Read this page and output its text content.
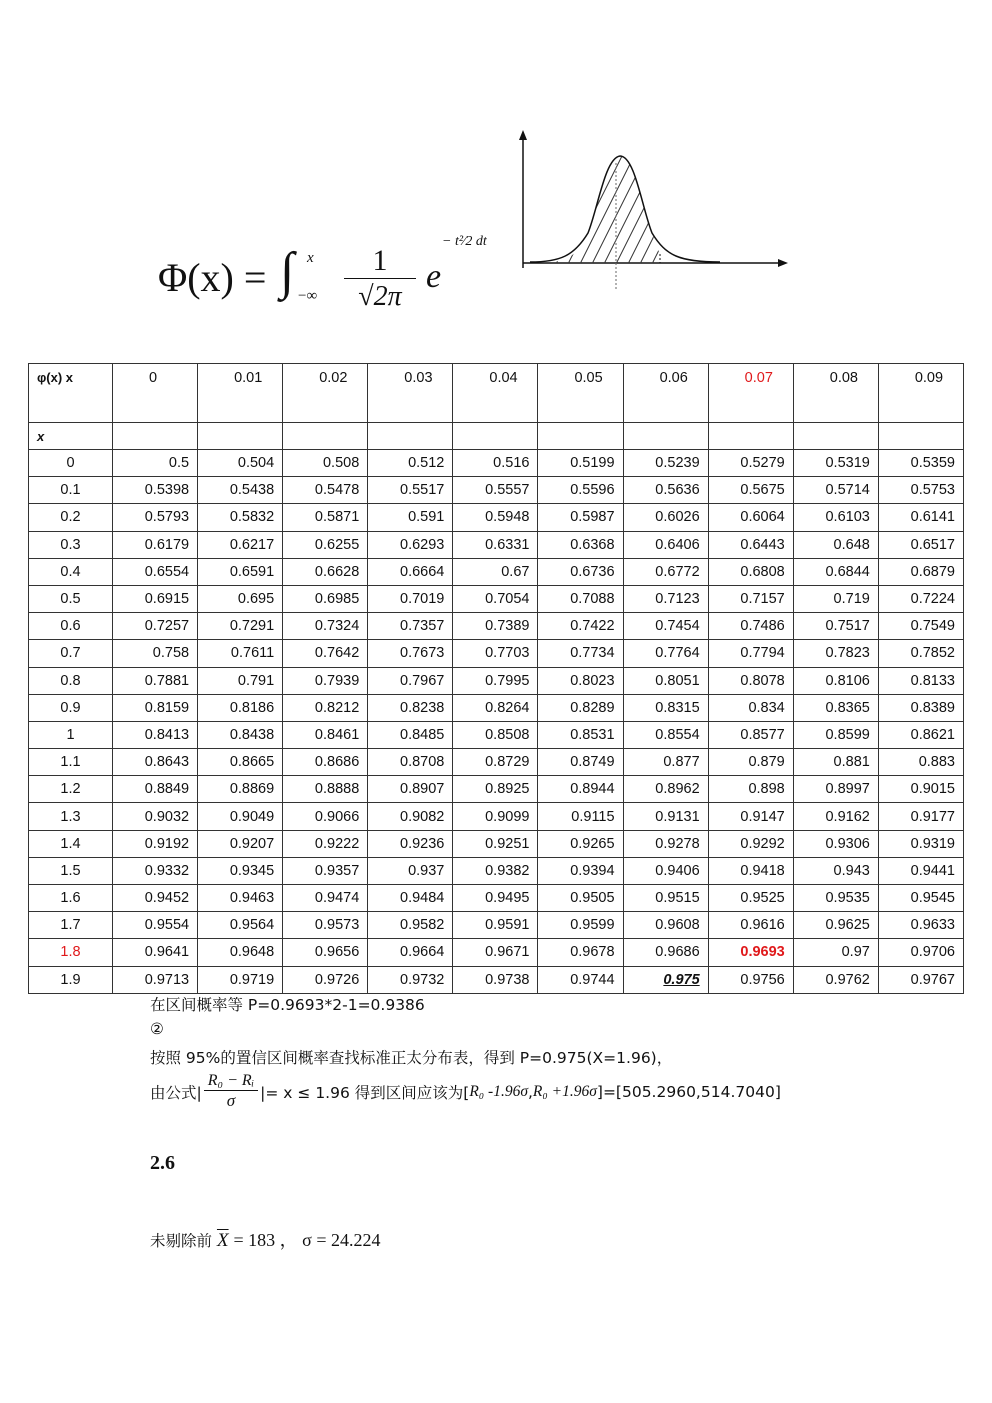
Φ(x) = ∫ x
−∞
1
√2π
e
− t²⁄2 dt
φ(x) x	0	0.01	0.02	0.03	0.04	0.05	0.06	0.07	0.08	0.09
x										
0	0.5	0.504	0.508	0.512	0.516	0.5199	0.5239	0.5279	0.5319	0.5359
0.1	0.5398	0.5438	0.5478	0.5517	0.5557	0.5596	0.5636	0.5675	0.5714	0.5753
0.2	0.5793	0.5832	0.5871	0.591	0.5948	0.5987	0.6026	0.6064	0.6103	0.6141
0.3	0.6179	0.6217	0.6255	0.6293	0.6331	0.6368	0.6406	0.6443	0.648	0.6517
0.4	0.6554	0.6591	0.6628	0.6664	0.67	0.6736	0.6772	0.6808	0.6844	0.6879
0.5	0.6915	0.695	0.6985	0.7019	0.7054	0.7088	0.7123	0.7157	0.719	0.7224
0.6	0.7257	0.7291	0.7324	0.7357	0.7389	0.7422	0.7454	0.7486	0.7517	0.7549
0.7	0.758	0.7611	0.7642	0.7673	0.7703	0.7734	0.7764	0.7794	0.7823	0.7852
0.8	0.7881	0.791	0.7939	0.7967	0.7995	0.8023	0.8051	0.8078	0.8106	0.8133
0.9	0.8159	0.8186	0.8212	0.8238	0.8264	0.8289	0.8315	0.834	0.8365	0.8389
1	0.8413	0.8438	0.8461	0.8485	0.8508	0.8531	0.8554	0.8577	0.8599	0.8621
1.1	0.8643	0.8665	0.8686	0.8708	0.8729	0.8749	0.877	0.879	0.881	0.883
1.2	0.8849	0.8869	0.8888	0.8907	0.8925	0.8944	0.8962	0.898	0.8997	0.9015
1.3	0.9032	0.9049	0.9066	0.9082	0.9099	0.9115	0.9131	0.9147	0.9162	0.9177
1.4	0.9192	0.9207	0.9222	0.9236	0.9251	0.9265	0.9278	0.9292	0.9306	0.9319
1.5	0.9332	0.9345	0.9357	0.937	0.9382	0.9394	0.9406	0.9418	0.943	0.9441
1.6	0.9452	0.9463	0.9474	0.9484	0.9495	0.9505	0.9515	0.9525	0.9535	0.9545
1.7	0.9554	0.9564	0.9573	0.9582	0.9591	0.9599	0.9608	0.9616	0.9625	0.9633
1.8	0.9641	0.9648	0.9656	0.9664	0.9671	0.9678	0.9686	0.9693	0.97	0.9706
1.9	0.9713	0.9719	0.9726	0.9732	0.9738	0.9744	0.975	0.9756	0.9762	0.9767
在区间概率等 P=0.9693*2-1=0.9386
②
按照 95%的置信区间概率查找标准正太分布表，得到 P=0.975(X=1.96)，
由公式| $\frac{\text{R₀ − Rᵢ}}{\sigma}$ |= x ≤ 1.96 得到区间应该为[ R₀ -1.96σ , R₀ +1.96σ ]=[505.2960,514.7040]
2.6
未剔除前 $\overline{X} = 183$ ， σ = 24.224
